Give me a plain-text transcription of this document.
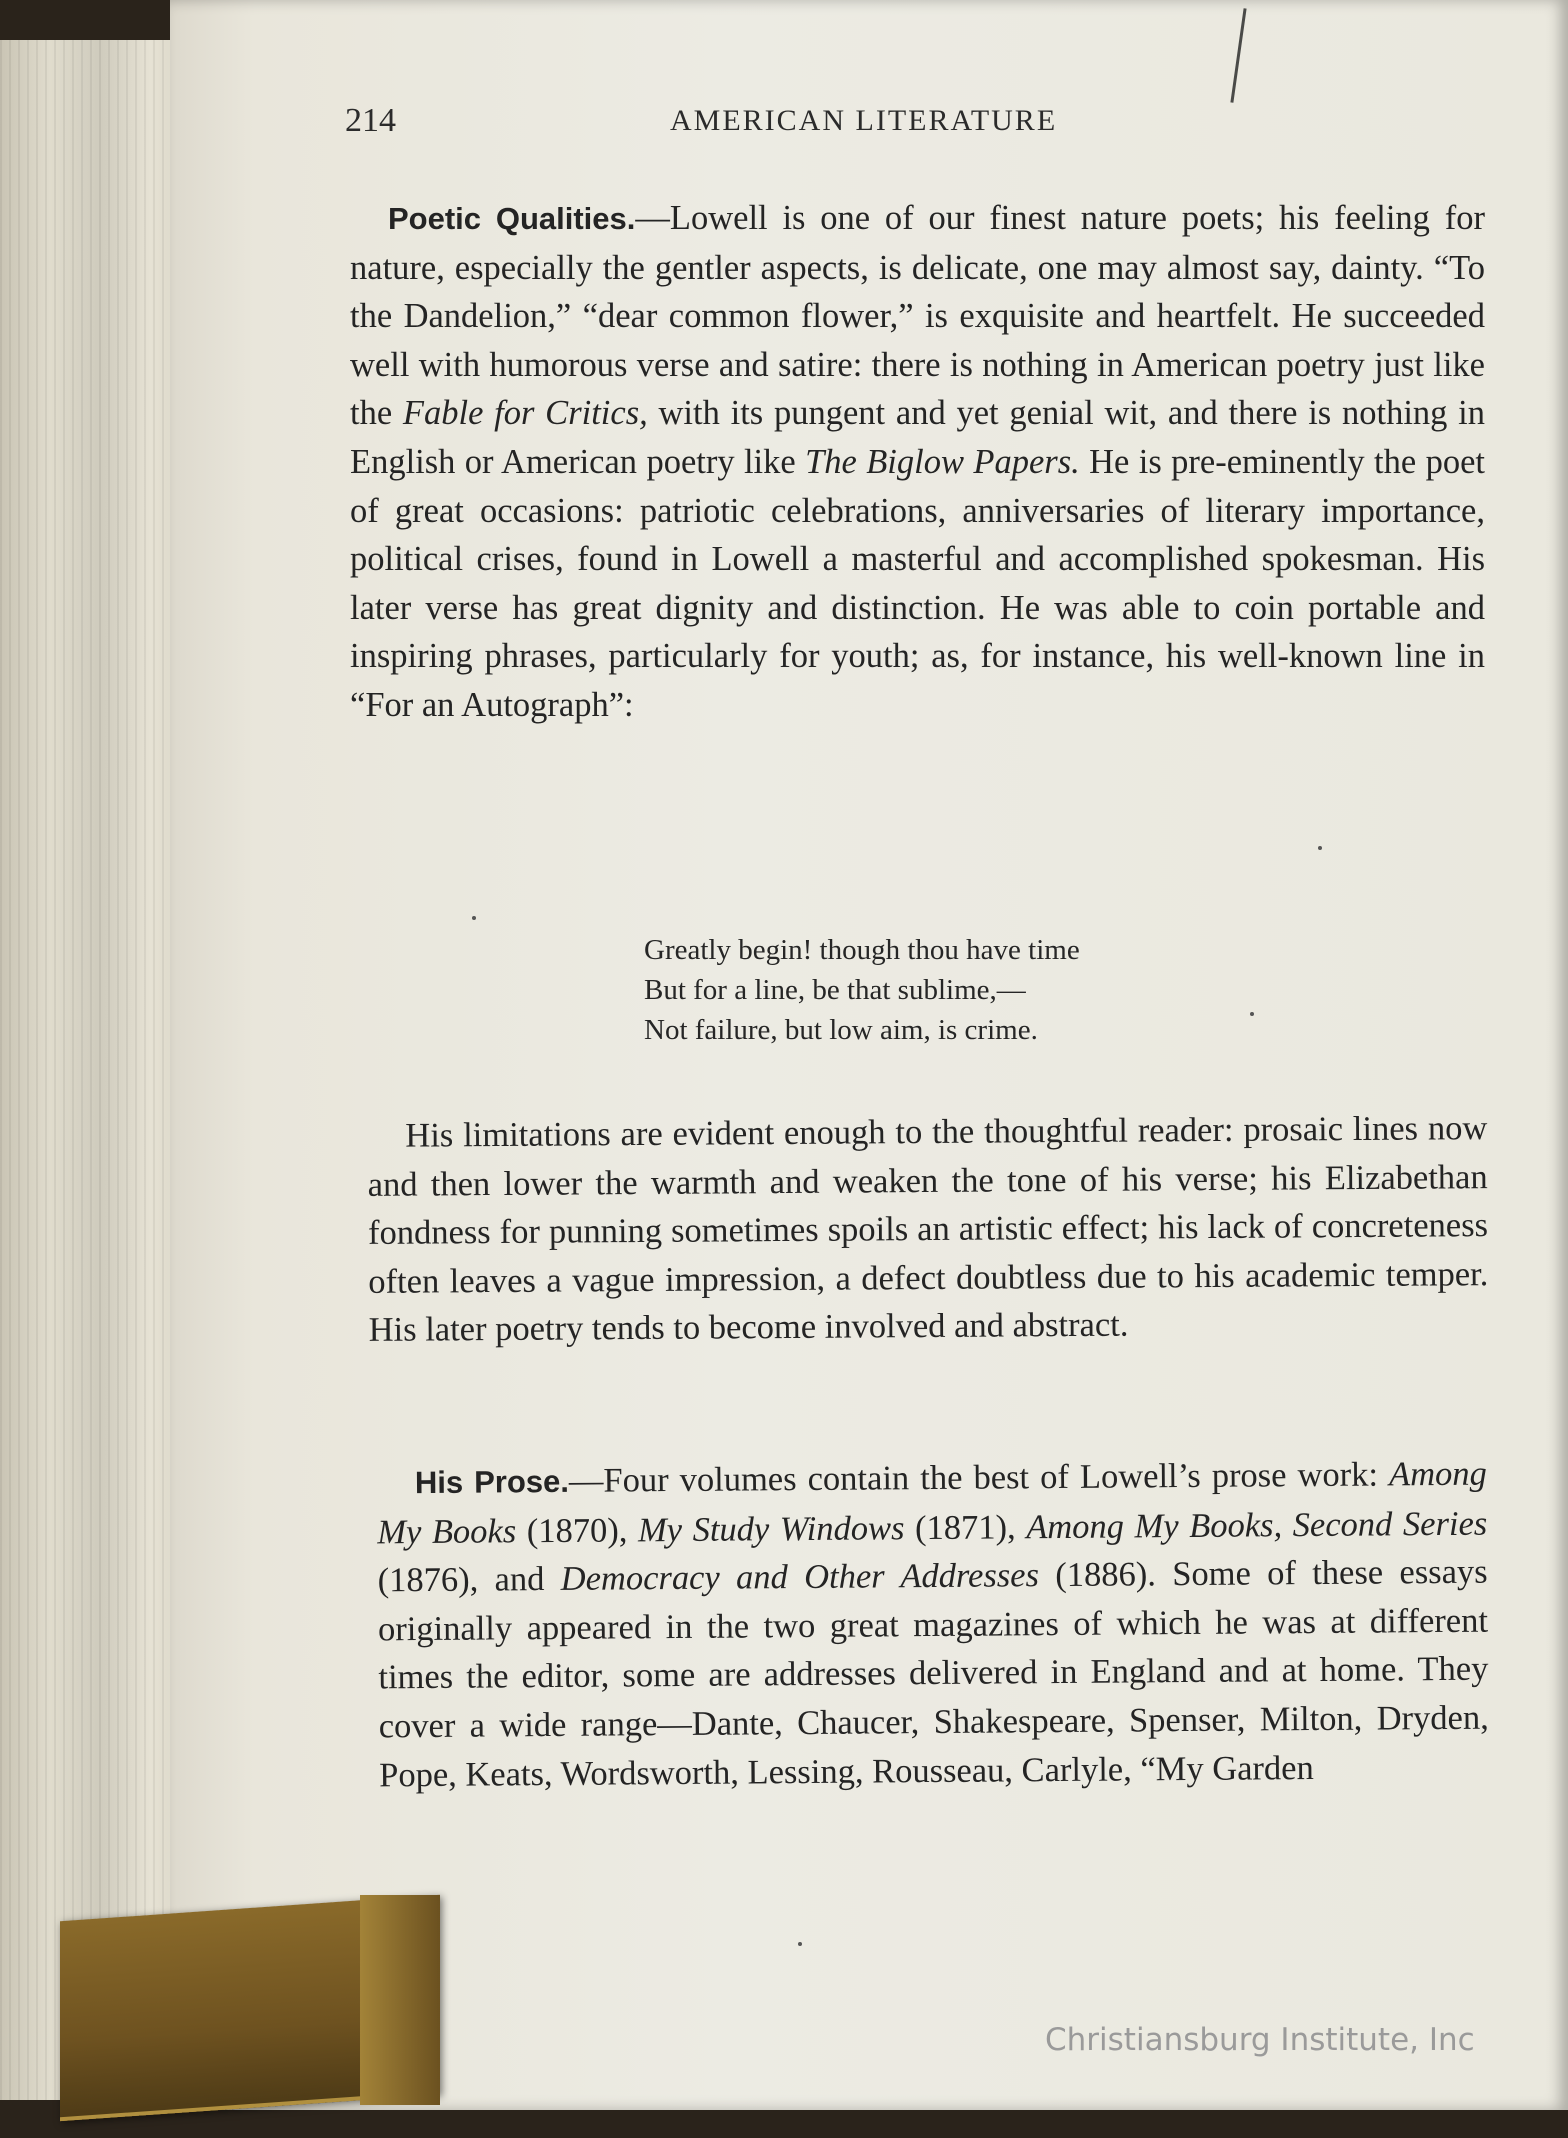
214	AMERICAN LITERATURE

Poetic Qualities.—Lowell is one of our finest nature poets; his feeling for nature, especially the gentler aspects, is delicate, one may almost say, dainty. “To the Dandelion,” “dear common flower,” is exquisite and heartfelt. He succeeded well with humorous verse and satire: there is nothing in American poetry just like the Fable for Critics, with its pungent and yet genial wit, and there is nothing in English or American poetry like The Biglow Papers. He is pre-eminently the poet of great occasions: patriotic celebrations, anniversaries of literary importance, political crises, found in Lowell a masterful and accomplished spokesman. His later verse has great dignity and distinction. He was able to coin portable and inspiring phrases, particularly for youth; as, for instance, his well-known line in “For an Autograph”:

Greatly begin! though thou have time
But for a line, be that sublime,—
Not failure, but low aim, is crime.

His limitations are evident enough to the thoughtful reader: prosaic lines now and then lower the warmth and weaken the tone of his verse; his Elizabethan fondness for punning sometimes spoils an artistic effect; his lack of concreteness often leaves a vague impression, a defect doubtless due to his academic temper. His later poetry tends to become involved and abstract.

His Prose.—Four volumes contain the best of Lowell’s prose work: Among My Books (1870), My Study Windows (1871), Among My Books, Second Series (1876), and Democracy and Other Addresses (1886). Some of these essays originally appeared in the two great magazines of which he was at different times the editor, some are addresses delivered in England and at home. They cover a wide range—Dante, Chaucer, Shakespeare, Spenser, Milton, Dryden, Pope, Keats, Wordsworth, Lessing, Rousseau, Carlyle, “My Garden

Christiansburg Institute, Inc
